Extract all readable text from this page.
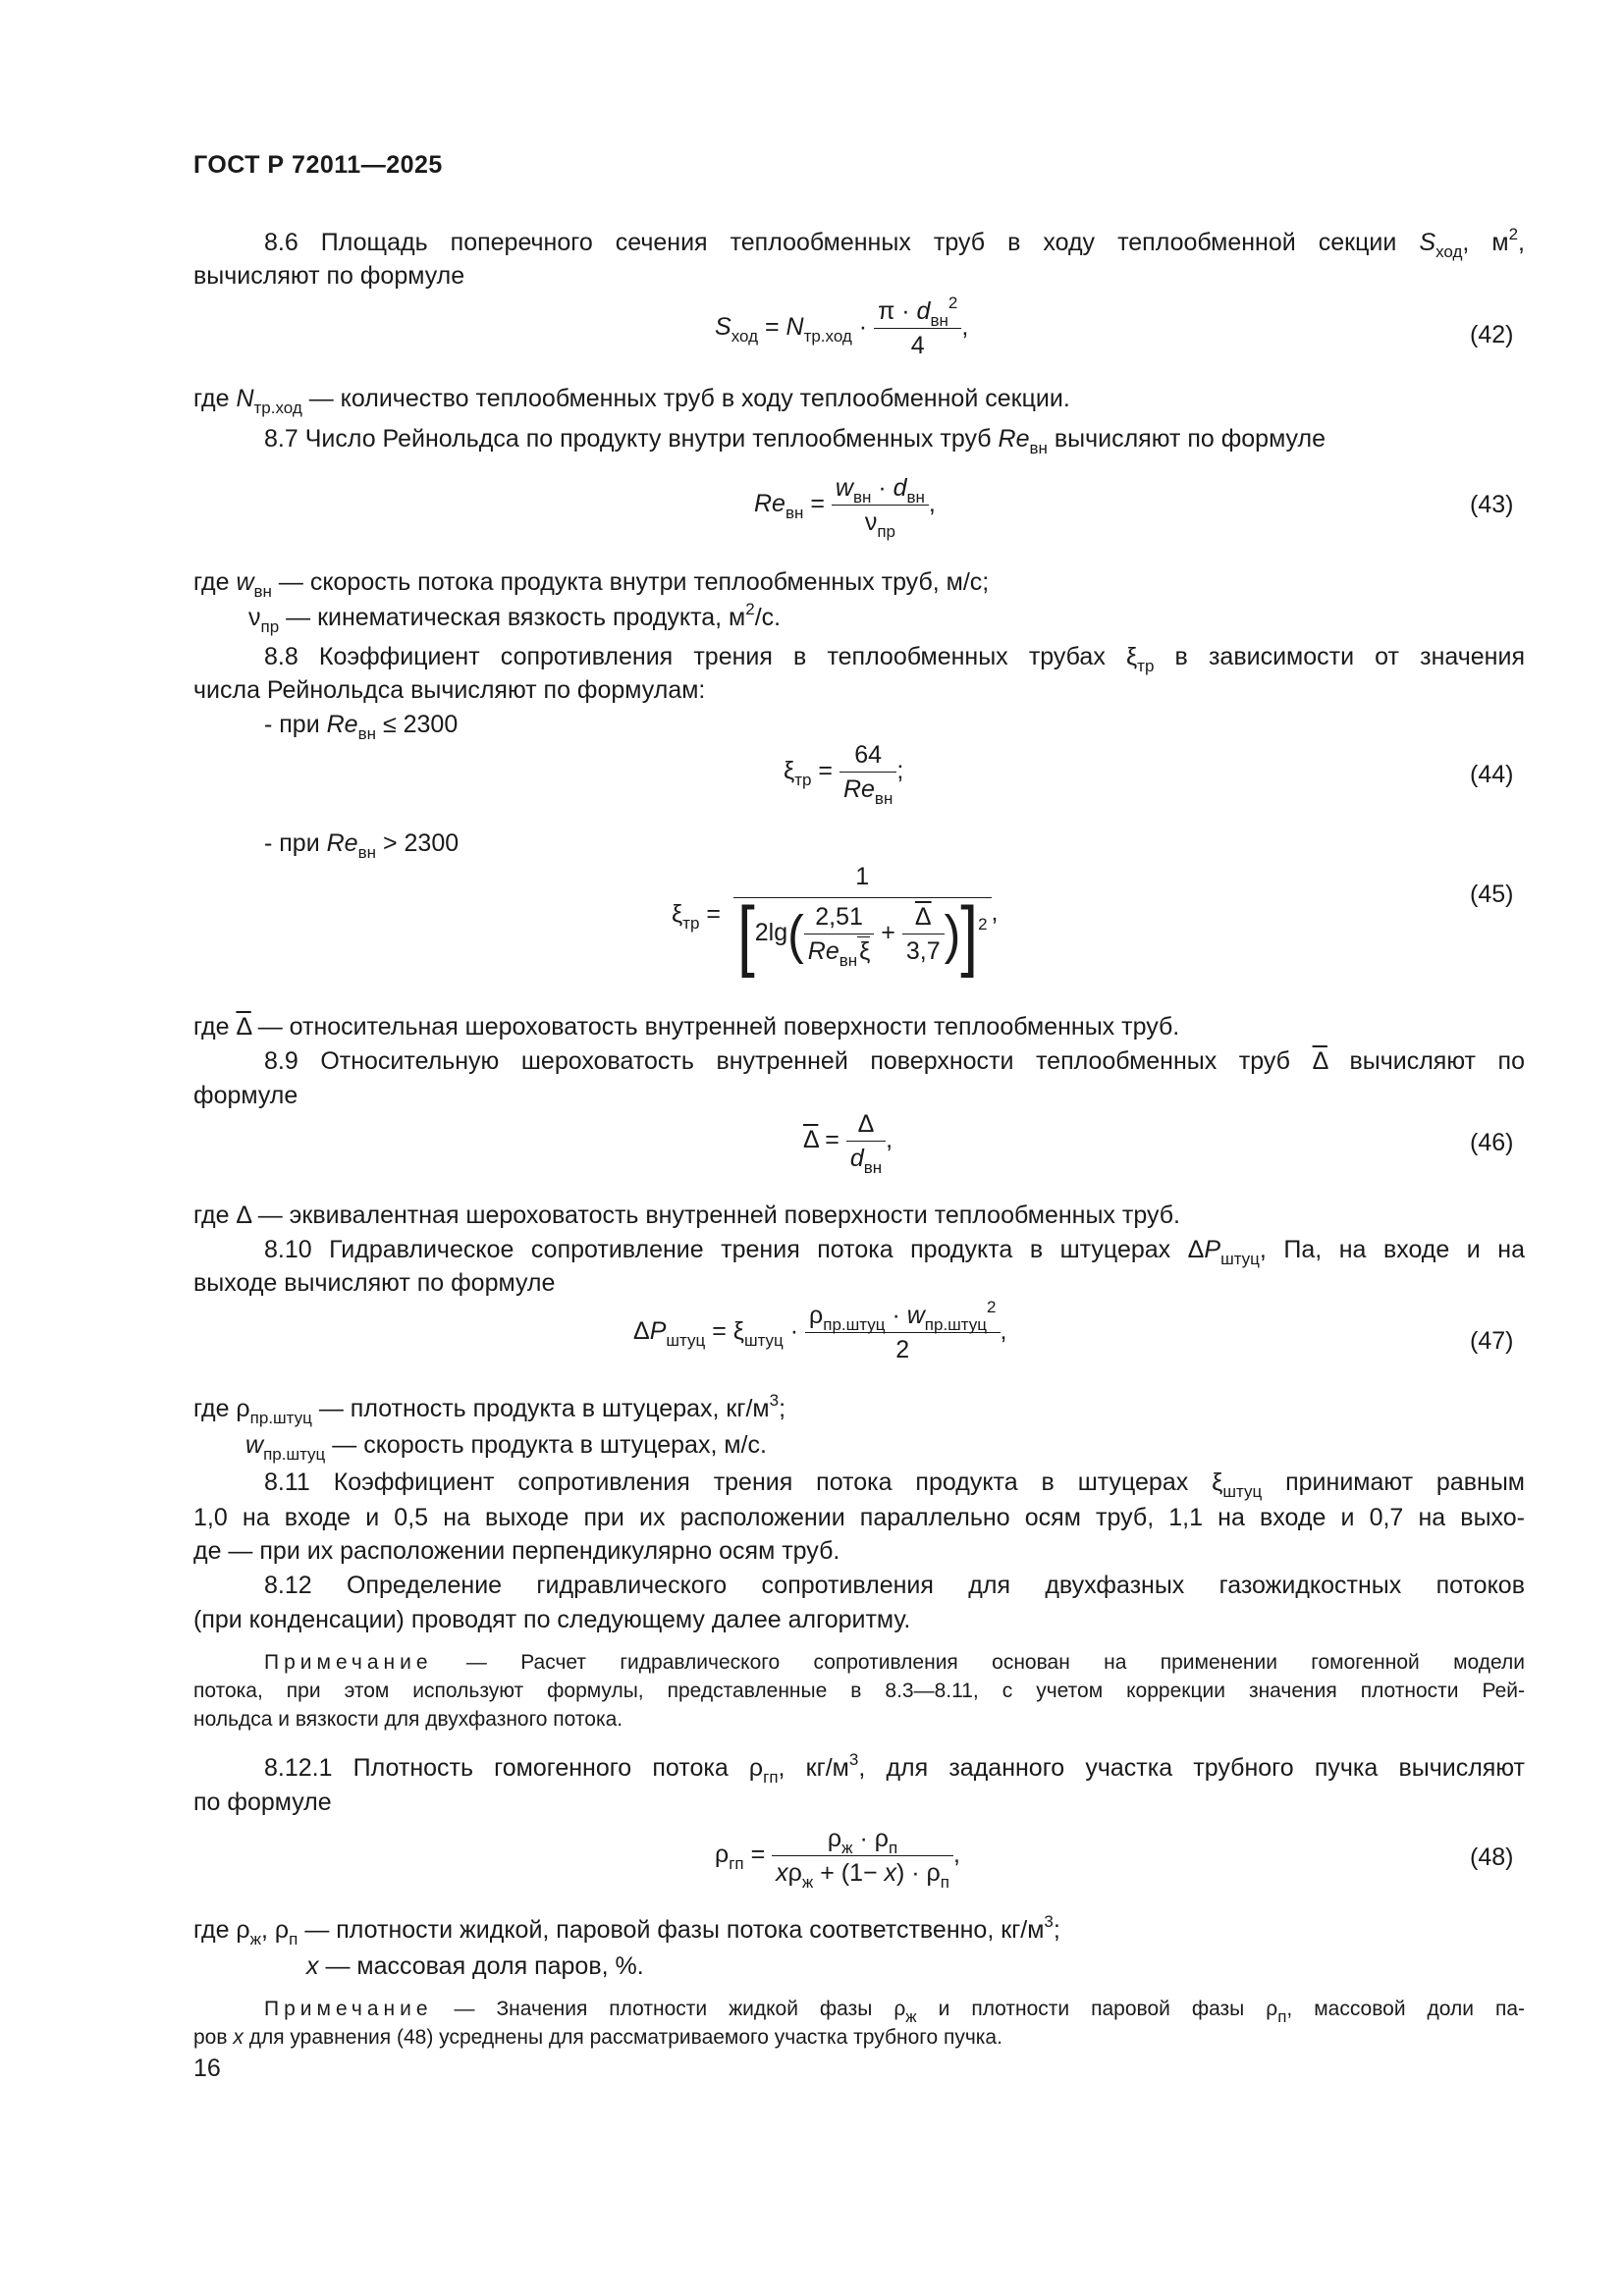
ГОСТ Р 72011—2025
8.6 Площадь поперечного сечения теплообменных труб в ходу теплообменной секции $S_{ход}$, $м^2$,
вычисляют по формуле
$S_{ход} = N_{тр.ход} \cdot \frac{\pi \cdot d_{вн}^2}{4}$ ,	(42)
где $N_{тр.ход}$ — количество теплообменных труб в ходу теплообменной секции.
8.7 Число Рейнольдса по продукту внутри теплообменных труб $Re_{вн}$ вычисляют по формуле
$Re_{вн} = \frac{w_{вн} \cdot d_{вн}}{\nu_{пр}}$ ,	(43)
где $w_{вн}$ — скорость потока продукта внутри теплообменных труб, м/с;
$\nu_{пр}$ — кинематическая вязкость продукта, $м^2/с$.
8.8 Коэффициент сопротивления трения в теплообменных трубах $\xi_{тр}$ в зависимости от значения
числа Рейнольдса вычисляют по формулам:
- при $Re_{вн} \le 2300$
$\xi_{тр} = \frac{64}{Re_{вн}}$ ;	(44)
- при $Re_{вн} > 2300$
$\xi_{тр} = \frac{1}{[2\lg( \frac{2,51}{Re_{вн}\xi} + \frac{\overline{\Delta}}{3,7} )]^2}$ ,
(45)
где $\overline{\Delta}$ — относительная шероховатость внутренней поверхности теплообменных труб.
8.9 Относительную шероховатость внутренней поверхности теплообменных труб $\overline{\Delta}$ вычисляют по
формуле
$\overline{\Delta} = \frac{\Delta}{d_{вн}}$ ,	(46)
где Δ — эквивалентная шероховатость внутренней поверхности теплообменных труб.
8.10 Гидравлическое сопротивление трения потока продукта в штуцерах $\Delta P_{штуц}$, Па, на входе и на
выходе вычисляют по формуле
$\Delta P_{штуц} = \xi_{штуц} \cdot \frac{\rho_{пр.штуц} \cdot w_{пр.штуц}^2}{2}$ ,	(47)
где $\rho_{пр.штуц}$ — плотность продукта в штуцерах, $кг/м^3$;
$w_{пр.штуц}$ — скорость продукта в штуцерах, м/с.
8.11 Коэффициент сопротивления трения потока продукта в штуцерах $\xi_{штуц}$ принимают равным
1,0 на входе и 0,5 на выходе при их расположении параллельно осям труб, 1,1 на входе и 0,7 на выхо-
де — при их расположении перпендикулярно осям труб.
8.12 Определение гидравлического сопротивления для двухфазных газожидкостных потоков
(при конденсации) проводят по следующему далее алгоритму.
Примечание — Расчет гидравлического сопротивления основан на применении гомогенной модели
потока, при этом используют формулы, представленные в 8.3—8.11, с учетом коррекции значения плотности Рей-
нольдса и вязкости для двухфазного потока.
8.12.1 Плотность гомогенного потока $\rho_{гп}$, $кг/м^3$, для заданного участка трубного пучка вычисляют
по формуле
$\rho_{гп} = \frac{\rho_ж \cdot \rho_п}{x\rho_ж + (1- x) \cdot \rho_п}$ ,	(48)
где $\rho_ж$, $\rho_п$ — плотности жидкой, паровой фазы потока соответственно, $кг/м^3$;
x — массовая доля паров, %.
Примечание — Значения плотности жидкой фазы $\rho_ж$ и плотности паровой фазы $\rho_п$, массовой доли па-
ров x для уравнения (48) усреднены для рассматриваемого участка трубного пучка.
16
